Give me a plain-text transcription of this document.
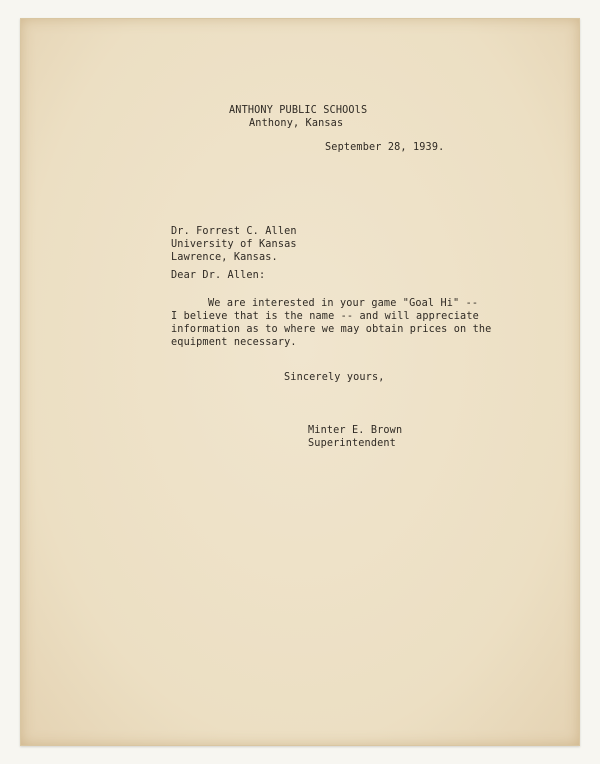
ANTHONY PUBLIC SCHOOlS
Anthony, Kansas
September 28, 1939.
Dr. Forrest C. Allen
University of Kansas
Lawrence, Kansas.
Dear Dr. Allen:
We are interested in your game "Goal Hi" --
I believe that is the name -- and will appreciate
information as to where we may obtain prices on the
equipment necessary.
Sincerely yours,
Minter E. Brown
Superintendent
